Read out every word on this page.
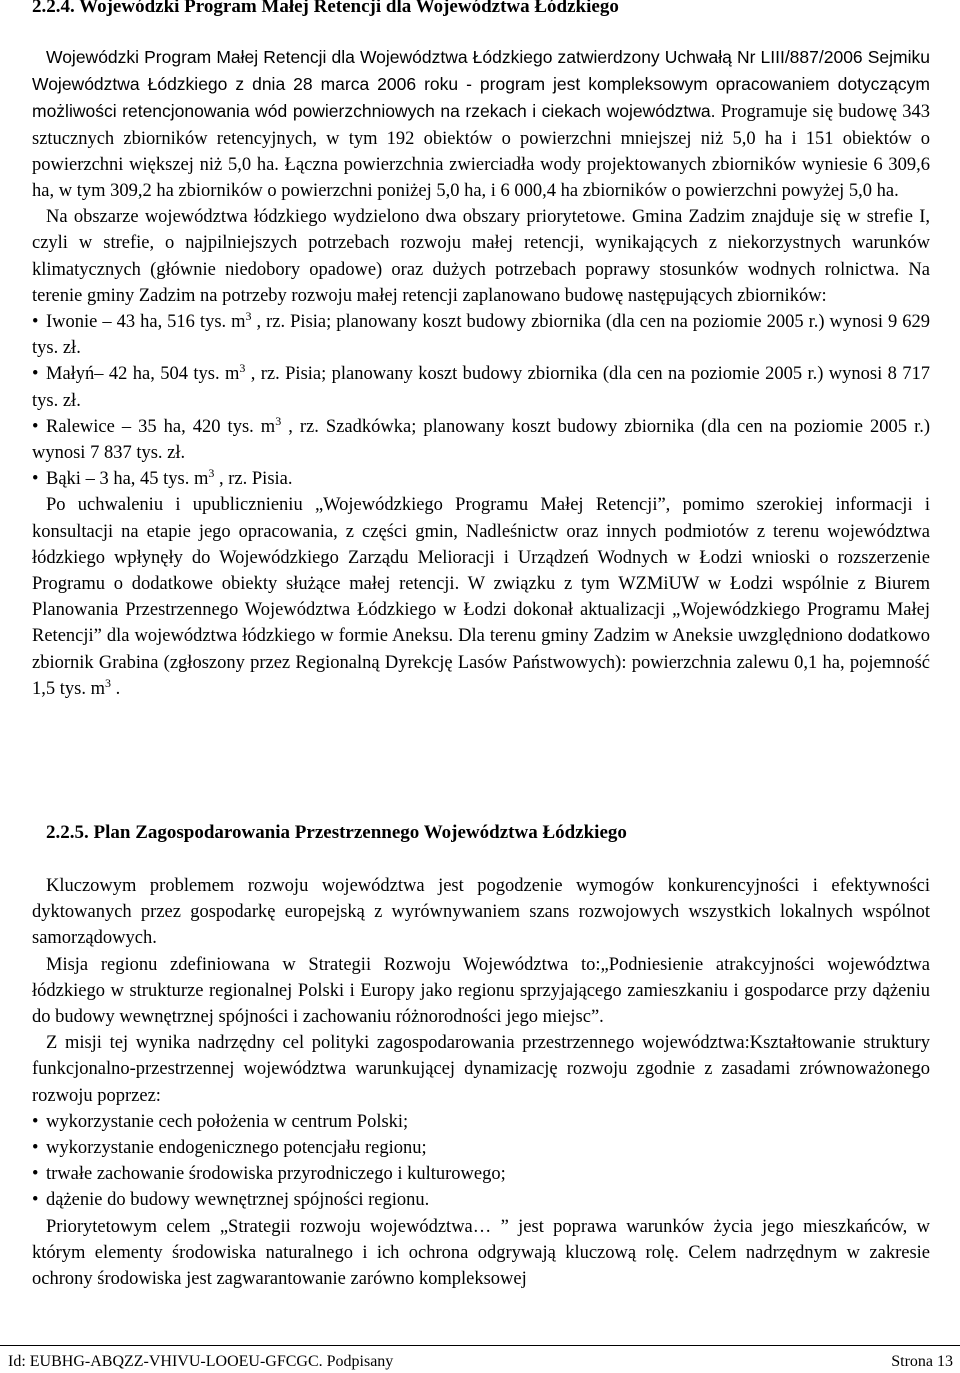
2.2.4. Wojewódzki Program Małej Retencji dla Województwa Łódzkiego

Wojewódzki Program Małej Retencji dla Województwa Łódzkiego zatwierdzony Uchwałą Nr LIII/887/2006 Sejmiku Województwa Łódzkiego z dnia 28 marca 2006 roku - program jest kompleksowym opracowaniem dotyczącym możliwości retencjonowania wód powierzchniowych na rzekach i ciekach województwa. Programuje się budowę 343 sztucznych zbiorników retencyjnych, w tym 192 obiektów o powierzchni mniejszej niż 5,0 ha i 151 obiektów o powierzchni większej niż 5,0 ha. Łączna powierzchnia zwierciadła wody projektowanych zbiorników wyniesie 6 309,6 ha, w tym 309,2 ha zbiorników o powierzchni poniżej 5,0 ha, i 6 000,4 ha zbiorników o powierzchni powyżej 5,0 ha.

Na obszarze województwa łódzkiego wydzielono dwa obszary priorytetowe. Gmina Zadzim znajduje się w strefie I, czyli w strefie, o najpilniejszych potrzebach rozwoju małej retencji, wynikających z niekorzystnych warunków klimatycznych (głównie niedobory opadowe) oraz dużych potrzebach poprawy stosunków wodnych rolnictwa. Na terenie gminy Zadzim na potrzeby rozwoju małej retencji zaplanowano budowę następujących zbiorników:

• Iwonie – 43 ha, 516 tys. $m^3$ , rz. Pisia; planowany koszt budowy zbiornika (dla cen na poziomie 2005 r.) wynosi 9 629 tys. zł.

• Małyń– 42 ha, 504 tys. $m^3$ , rz. Pisia; planowany koszt budowy zbiornika (dla cen na poziomie 2005 r.) wynosi 8 717 tys. zł.

• Ralewice – 35 ha, 420 tys. $m^3$ , rz. Szadkówka; planowany koszt budowy zbiornika (dla cen na poziomie 2005 r.) wynosi 7 837 tys. zł.

• Bąki – 3 ha, 45 tys. $m^3$ , rz. Pisia.

Po uchwaleniu i upublicznieniu „Wojewódzkiego Programu Małej Retencji”, pomimo szerokiej informacji i konsultacji na etapie jego opracowania, z części gmin, Nadleśnictw oraz innych podmiotów z terenu województwa łódzkiego wpłynęły do Wojewódzkiego Zarządu Melioracji i Urządzeń Wodnych w Łodzi wnioski o rozszerzenie Programu o dodatkowe obiekty służące małej retencji. W związku z tym WZMiUW w Łodzi wspólnie z Biurem Planowania Przestrzennego Województwa Łódzkiego w Łodzi dokonał aktualizacji „Wojewódzkiego Programu Małej Retencji” dla województwa łódzkiego w formie Aneksu. Dla terenu gminy Zadzim w Aneksie uwzględniono dodatkowo zbiornik Grabina (zgłoszony przez Regionalną Dyrekcję Lasów Państwowych): powierzchnia zalewu 0,1 ha, pojemność 1,5 tys. $m^3$ .

2.2.5. Plan Zagospodarowania Przestrzennego Województwa Łódzkiego

Kluczowym problemem rozwoju województwa jest pogodzenie wymogów konkurencyjności i efektywności dyktowanych przez gospodarkę europejską z wyrównywaniem szans rozwojowych wszystkich lokalnych wspólnot samorządowych.

Misja regionu zdefiniowana w Strategii Rozwoju Województwa to:„Podniesienie atrakcyjności województwa łódzkiego w strukturze regionalnej Polski i Europy jako regionu sprzyjającego zamieszkaniu i gospodarce przy dążeniu do budowy wewnętrznej spójności i zachowaniu różnorodności jego miejsc”.

Z misji tej wynika nadrzędny cel polityki zagospodarowania przestrzennego województwa:Kształtowanie struktury funkcjonalno-przestrzennej województwa warunkującej dynamizację rozwoju zgodnie z zasadami zrównoważonego rozwoju poprzez:

• wykorzystanie cech położenia w centrum Polski;

• wykorzystanie endogenicznego potencjału regionu;

• trwałe zachowanie środowiska przyrodniczego i kulturowego;

• dążenie do budowy wewnętrznej spójności regionu.

Priorytetowym celem „Strategii rozwoju województwa… ” jest poprawa warunków życia jego mieszkańców, w którym elementy środowiska naturalnego i ich ochrona odgrywają kluczową rolę. Celem nadrzędnym w zakresie ochrony środowiska jest zagwarantowanie zarówno kompleksowej

Id: EUBHG-ABQZZ-VHIVU-LOOEU-GFCGC. Podpisany	Strona 13
